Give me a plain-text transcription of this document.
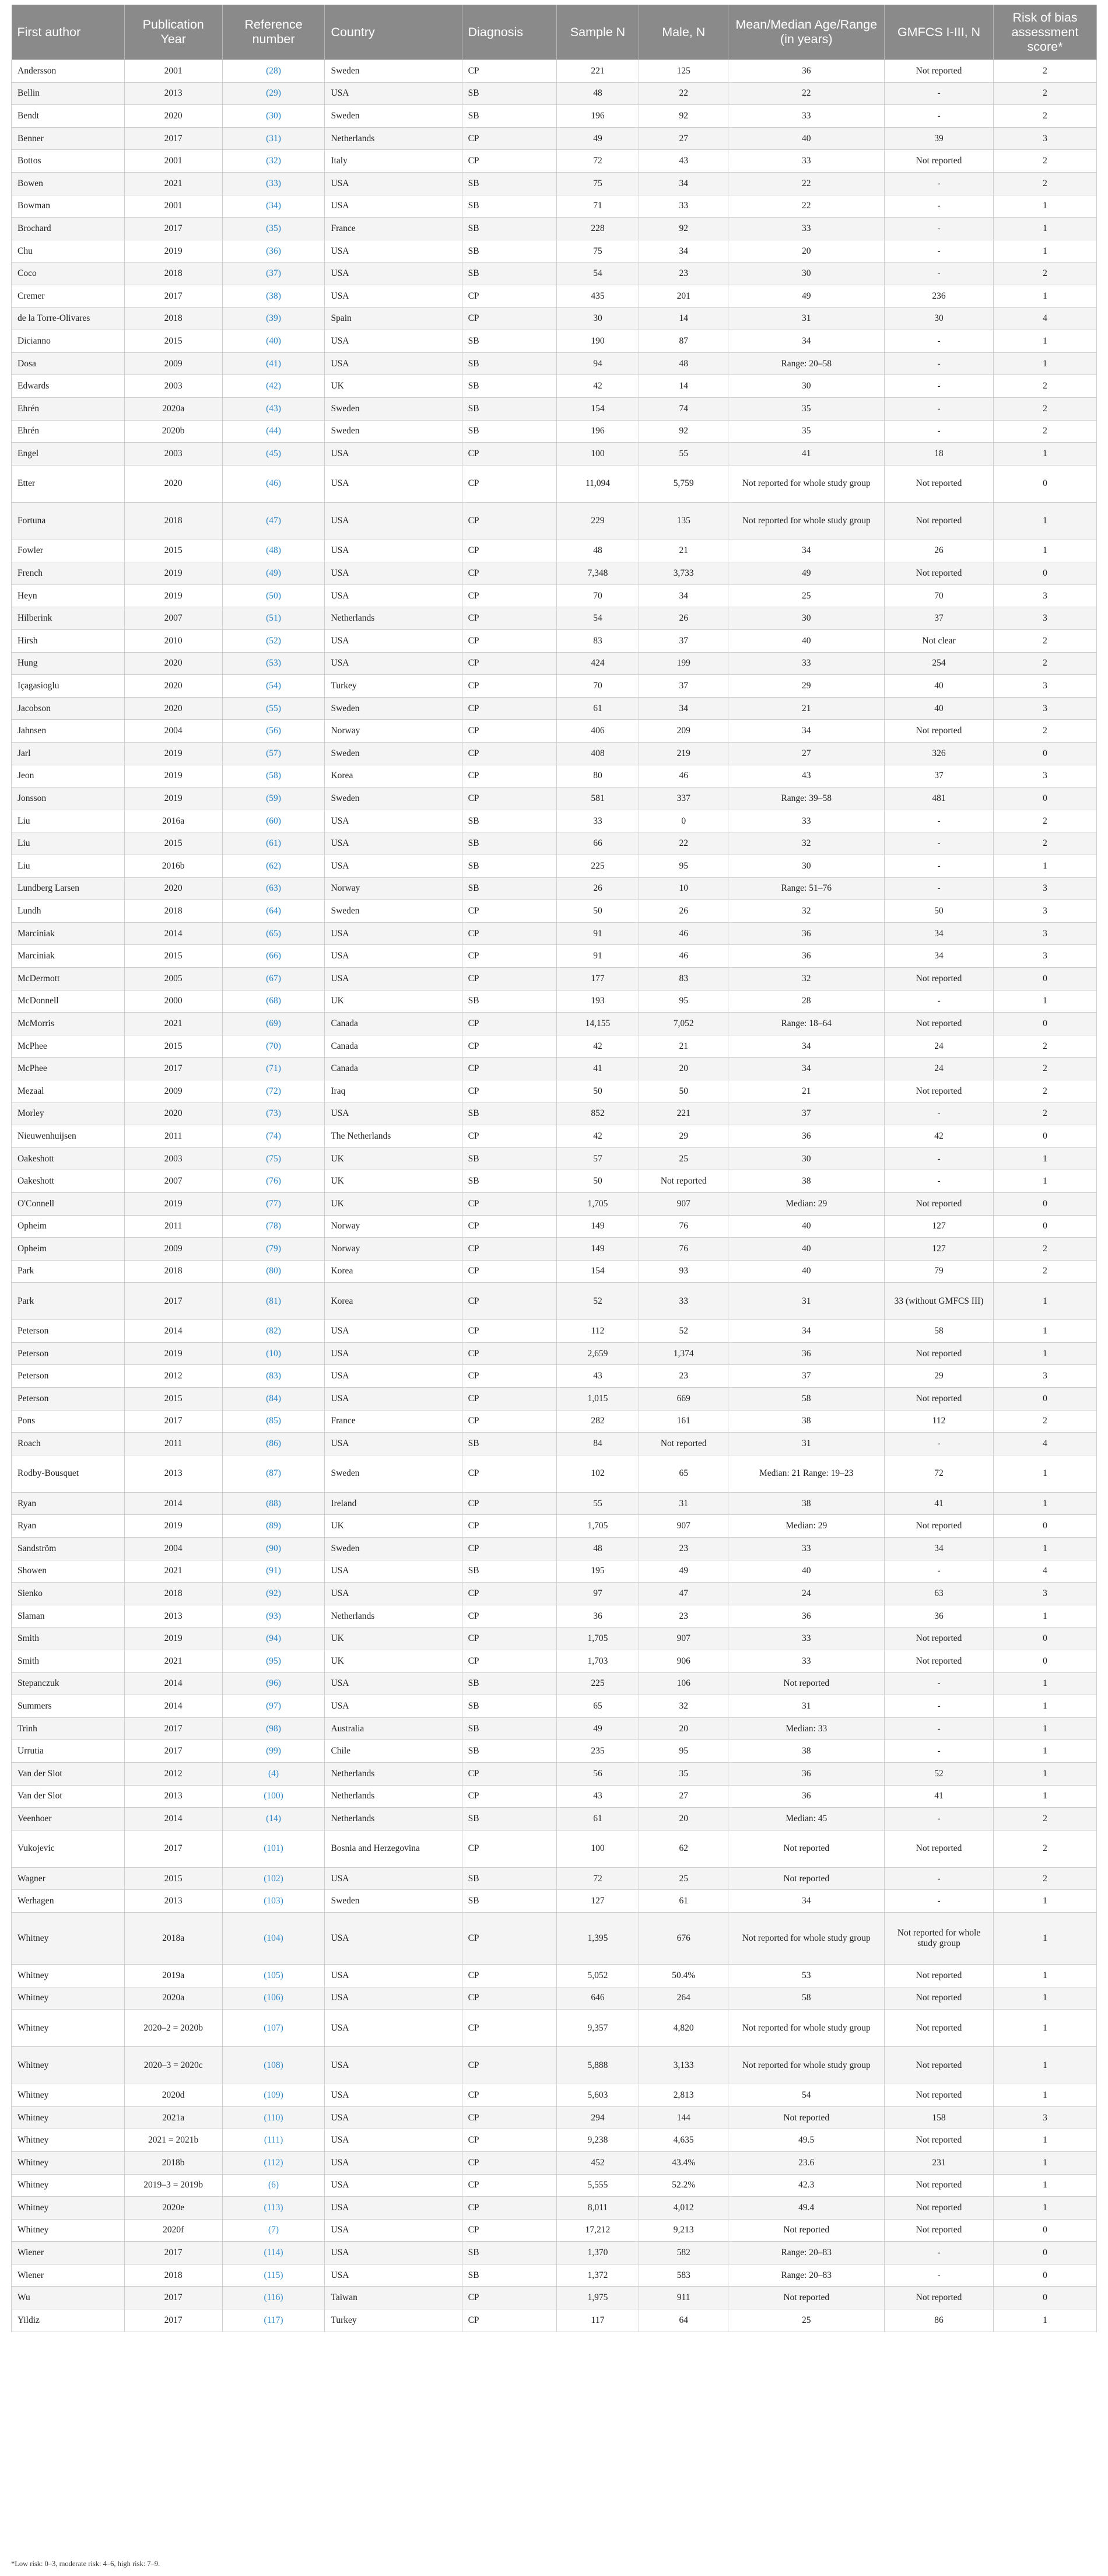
First author	Publication Year	Reference number	Country	Diagnosis	Sample N	Male, N	Mean/Median Age/Range (in years)	GMFCS I-III, N	Risk of bias assessment score*
Andersson	2001	(28)	Sweden	CP	221	125	36	Not reported	2
Bellin	2013	(29)	USA	SB	48	22	22	-	2
Bendt	2020	(30)	Sweden	SB	196	92	33	-	2
Benner	2017	(31)	Netherlands	CP	49	27	40	39	3
Bottos	2001	(32)	Italy	CP	72	43	33	Not reported	2
Bowen	2021	(33)	USA	SB	75	34	22	-	2
Bowman	2001	(34)	USA	SB	71	33	22	-	1
Brochard	2017	(35)	France	SB	228	92	33	-	1
Chu	2019	(36)	USA	SB	75	34	20	-	1
Coco	2018	(37)	USA	SB	54	23	30	-	2
Cremer	2017	(38)	USA	CP	435	201	49	236	1
de la Torre-Olivares	2018	(39)	Spain	CP	30	14	31	30	4
Dicianno	2015	(40)	USA	SB	190	87	34	-	1
Dosa	2009	(41)	USA	SB	94	48	Range: 20–58	-	1
Edwards	2003	(42)	UK	SB	42	14	30	-	2
Ehrén	2020a	(43)	Sweden	SB	154	74	35	-	2
Ehrén	2020b	(44)	Sweden	SB	196	92	35	-	2
Engel	2003	(45)	USA	CP	100	55	41	18	1
Etter	2020	(46)	USA	CP	11,094	5,759	Not reported for whole study group	Not reported	0
Fortuna	2018	(47)	USA	CP	229	135	Not reported for whole study group	Not reported	1
Fowler	2015	(48)	USA	CP	48	21	34	26	1
French	2019	(49)	USA	CP	7,348	3,733	49	Not reported	0
Heyn	2019	(50)	USA	CP	70	34	25	70	3
Hilberink	2007	(51)	Netherlands	CP	54	26	30	37	3
Hirsh	2010	(52)	USA	CP	83	37	40	Not clear	2
Hung	2020	(53)	USA	CP	424	199	33	254	2
Içagasioglu	2020	(54)	Turkey	CP	70	37	29	40	3
Jacobson	2020	(55)	Sweden	CP	61	34	21	40	3
Jahnsen	2004	(56)	Norway	CP	406	209	34	Not reported	2
Jarl	2019	(57)	Sweden	CP	408	219	27	326	0
Jeon	2019	(58)	Korea	CP	80	46	43	37	3
Jonsson	2019	(59)	Sweden	CP	581	337	Range: 39–58	481	0
Liu	2016a	(60)	USA	SB	33	0	33	-	2
Liu	2015	(61)	USA	SB	66	22	32	-	2
Liu	2016b	(62)	USA	SB	225	95	30	-	1
Lundberg Larsen	2020	(63)	Norway	SB	26	10	Range: 51–76	-	3
Lundh	2018	(64)	Sweden	CP	50	26	32	50	3
Marciniak	2014	(65)	USA	CP	91	46	36	34	3
Marciniak	2015	(66)	USA	CP	91	46	36	34	3
McDermott	2005	(67)	USA	CP	177	83	32	Not reported	0
McDonnell	2000	(68)	UK	SB	193	95	28	-	1
McMorris	2021	(69)	Canada	CP	14,155	7,052	Range: 18–64	Not reported	0
McPhee	2015	(70)	Canada	CP	42	21	34	24	2
McPhee	2017	(71)	Canada	CP	41	20	34	24	2
Mezaal	2009	(72)	Iraq	CP	50	50	21	Not reported	2
Morley	2020	(73)	USA	SB	852	221	37	-	2
Nieuwenhuijsen	2011	(74)	The Netherlands	CP	42	29	36	42	0
Oakeshott	2003	(75)	UK	SB	57	25	30	-	1
Oakeshott	2007	(76)	UK	SB	50	Not reported	38	-	1
O'Connell	2019	(77)	UK	CP	1,705	907	Median: 29	Not reported	0
Opheim	2011	(78)	Norway	CP	149	76	40	127	0
Opheim	2009	(79)	Norway	CP	149	76	40	127	2
Park	2018	(80)	Korea	CP	154	93	40	79	2
Park	2017	(81)	Korea	CP	52	33	31	33 (without GMFCS III)	1
Peterson	2014	(82)	USA	CP	112	52	34	58	1
Peterson	2019	(10)	USA	CP	2,659	1,374	36	Not reported	1
Peterson	2012	(83)	USA	CP	43	23	37	29	3
Peterson	2015	(84)	USA	CP	1,015	669	58	Not reported	0
Pons	2017	(85)	France	CP	282	161	38	112	2
Roach	2011	(86)	USA	SB	84	Not reported	31	-	4
Rodby-Bousquet	2013	(87)	Sweden	CP	102	65	Median: 21 Range: 19–23	72	1
Ryan	2014	(88)	Ireland	CP	55	31	38	41	1
Ryan	2019	(89)	UK	CP	1,705	907	Median: 29	Not reported	0
Sandström	2004	(90)	Sweden	CP	48	23	33	34	1
Showen	2021	(91)	USA	SB	195	49	40	-	4
Sienko	2018	(92)	USA	CP	97	47	24	63	3
Slaman	2013	(93)	Netherlands	CP	36	23	36	36	1
Smith	2019	(94)	UK	CP	1,705	907	33	Not reported	0
Smith	2021	(95)	UK	CP	1,703	906	33	Not reported	0
Stepanczuk	2014	(96)	USA	SB	225	106	Not reported	-	1
Summers	2014	(97)	USA	SB	65	32	31	-	1
Trinh	2017	(98)	Australia	SB	49	20	Median: 33	-	1
Urrutia	2017	(99)	Chile	SB	235	95	38	-	1
Van der Slot	2012	(4)	Netherlands	CP	56	35	36	52	1
Van der Slot	2013	(100)	Netherlands	CP	43	27	36	41	1
Veenhoer	2014	(14)	Netherlands	SB	61	20	Median: 45	-	2
Vukojevic	2017	(101)	Bosnia and Herzegovina	CP	100	62	Not reported	Not reported	2
Wagner	2015	(102)	USA	SB	72	25	Not reported	-	2
Werhagen	2013	(103)	Sweden	SB	127	61	34	-	1
Whitney	2018a	(104)	USA	CP	1,395	676	Not reported for whole study group	Not reported for whole study group	1
Whitney	2019a	(105)	USA	CP	5,052	50.4%	53	Not reported	1
Whitney	2020a	(106)	USA	CP	646	264	58	Not reported	1
Whitney	2020–2 = 2020b	(107)	USA	CP	9,357	4,820	Not reported for whole study group	Not reported	1
Whitney	2020–3 = 2020c	(108)	USA	CP	5,888	3,133	Not reported for whole study group	Not reported	1
Whitney	2020d	(109)	USA	CP	5,603	2,813	54	Not reported	1
Whitney	2021a	(110)	USA	CP	294	144	Not reported	158	3
Whitney	2021 = 2021b	(111)	USA	CP	9,238	4,635	49.5	Not reported	1
Whitney	2018b	(112)	USA	CP	452	43.4%	23.6	231	1
Whitney	2019–3 = 2019b	(6)	USA	CP	5,555	52.2%	42.3	Not reported	1
Whitney	2020e	(113)	USA	CP	8,011	4,012	49.4	Not reported	1
Whitney	2020f	(7)	USA	CP	17,212	9,213	Not reported	Not reported	0
Wiener	2017	(114)	USA	SB	1,370	582	Range: 20–83	-	0
Wiener	2018	(115)	USA	SB	1,372	583	Range: 20–83	-	0
Wu	2017	(116)	Taiwan	CP	1,975	911	Not reported	Not reported	0
Yildiz	2017	(117)	Turkey	CP	117	64	25	86	1
*Low risk: 0–3, moderate risk: 4–6, high risk: 7–9.
